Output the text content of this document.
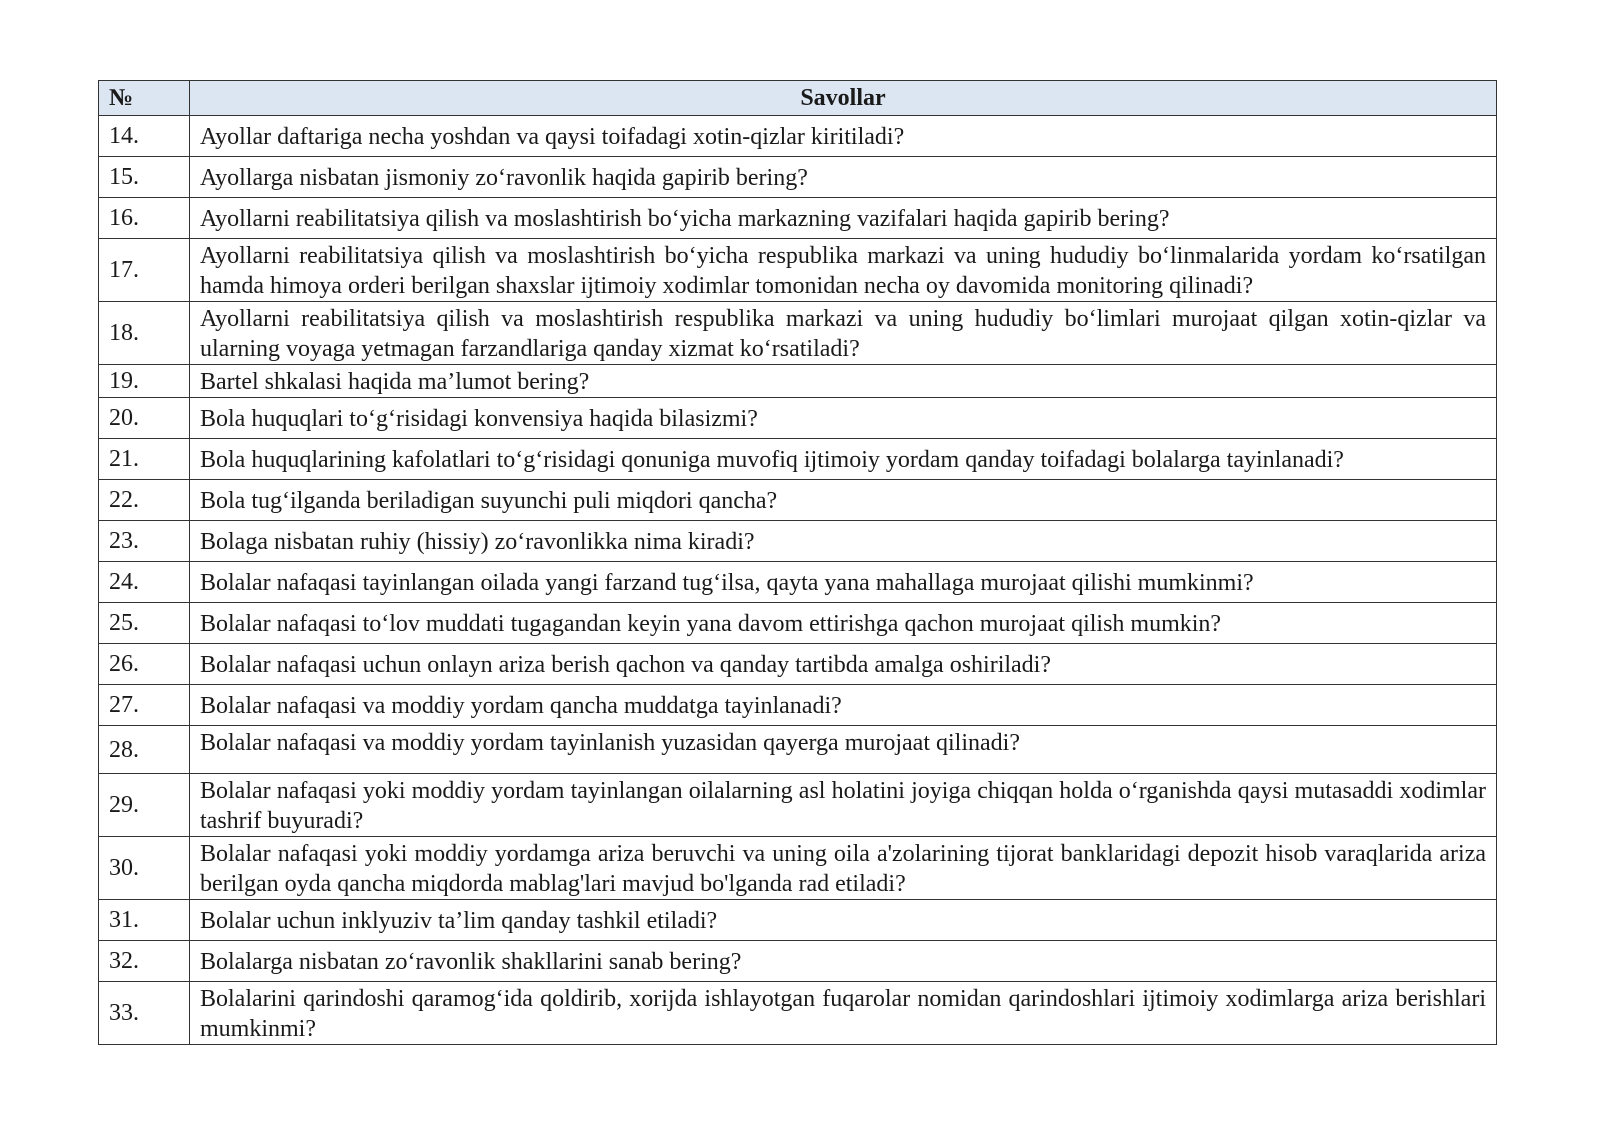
№	Savollar
14.	Ayollar daftariga necha yoshdan va qaysi toifadagi xotin-qizlar kiritiladi?
15.	Ayollarga nisbatan jismoniy zoʻravonlik haqida gapirib bering?
16.	Ayollarni reabilitatsiya qilish va moslashtirish boʻyicha markazning vazifalari haqida gapirib bering?
17.	Ayollarni reabilitatsiya qilish va moslashtirish boʻyicha respublika markazi va uning hududiy boʻlinmalarida yordam koʻrsatilgan hamda himoya orderi berilgan shaxslar ijtimoiy xodimlar tomonidan necha oy davomida monitoring qilinadi?
18.	Ayollarni reabilitatsiya qilish va moslashtirish respublika markazi va uning hududiy boʻlimlari murojaat qilgan xotin-qizlar va ularning voyaga yetmagan farzandlariga qanday xizmat koʻrsatiladi?
19.	Bartel shkalasi haqida ma’lumot bering?
20.	Bola huquqlari toʻgʻrisidagi konvensiya haqida bilasizmi?
21.	Bola huquqlarining kafolatlari toʻgʻrisidagi qonuniga muvofiq ijtimoiy yordam qanday toifadagi bolalarga tayinlanadi?
22.	Bola tugʻilganda beriladigan suyunchi puli miqdori qancha?
23.	Bolaga nisbatan ruhiy (hissiy) zoʻravonlikka nima kiradi?
24.	Bolalar nafaqasi tayinlangan oilada yangi farzand tugʻilsa, qayta yana mahallaga murojaat qilishi mumkinmi?
25.	Bolalar nafaqasi toʻlov muddati tugagandan keyin yana davom ettirishga qachon murojaat qilish mumkin?
26.	Bolalar nafaqasi uchun onlayn ariza berish qachon va qanday tartibda amalga oshiriladi?
27.	Bolalar nafaqasi va moddiy yordam qancha muddatga tayinlanadi?
28.	Bolalar nafaqasi va moddiy yordam tayinlanish yuzasidan qayerga murojaat qilinadi?
29.	Bolalar nafaqasi yoki moddiy yordam tayinlangan oilalarning asl holatini joyiga chiqqan holda oʻrganishda qaysi mutasaddi xodimlar tashrif buyuradi?
30.	Bolalar nafaqasi yoki moddiy yordamga ariza beruvchi va uning oila a'zolarining tijorat banklaridagi depozit hisob varaqlarida ariza berilgan oyda qancha miqdorda mablag'lari mavjud bo'lganda rad etiladi?
31.	Bolalar uchun inklyuziv ta’lim qanday tashkil etiladi?
32.	Bolalarga nisbatan zoʻravonlik shakllarini sanab bering?
33.	Bolalarini qarindoshi qaramogʻida qoldirib, xorijda ishlayotgan fuqarolar nomidan qarindoshlari ijtimoiy xodimlarga ariza berishlari mumkinmi?
